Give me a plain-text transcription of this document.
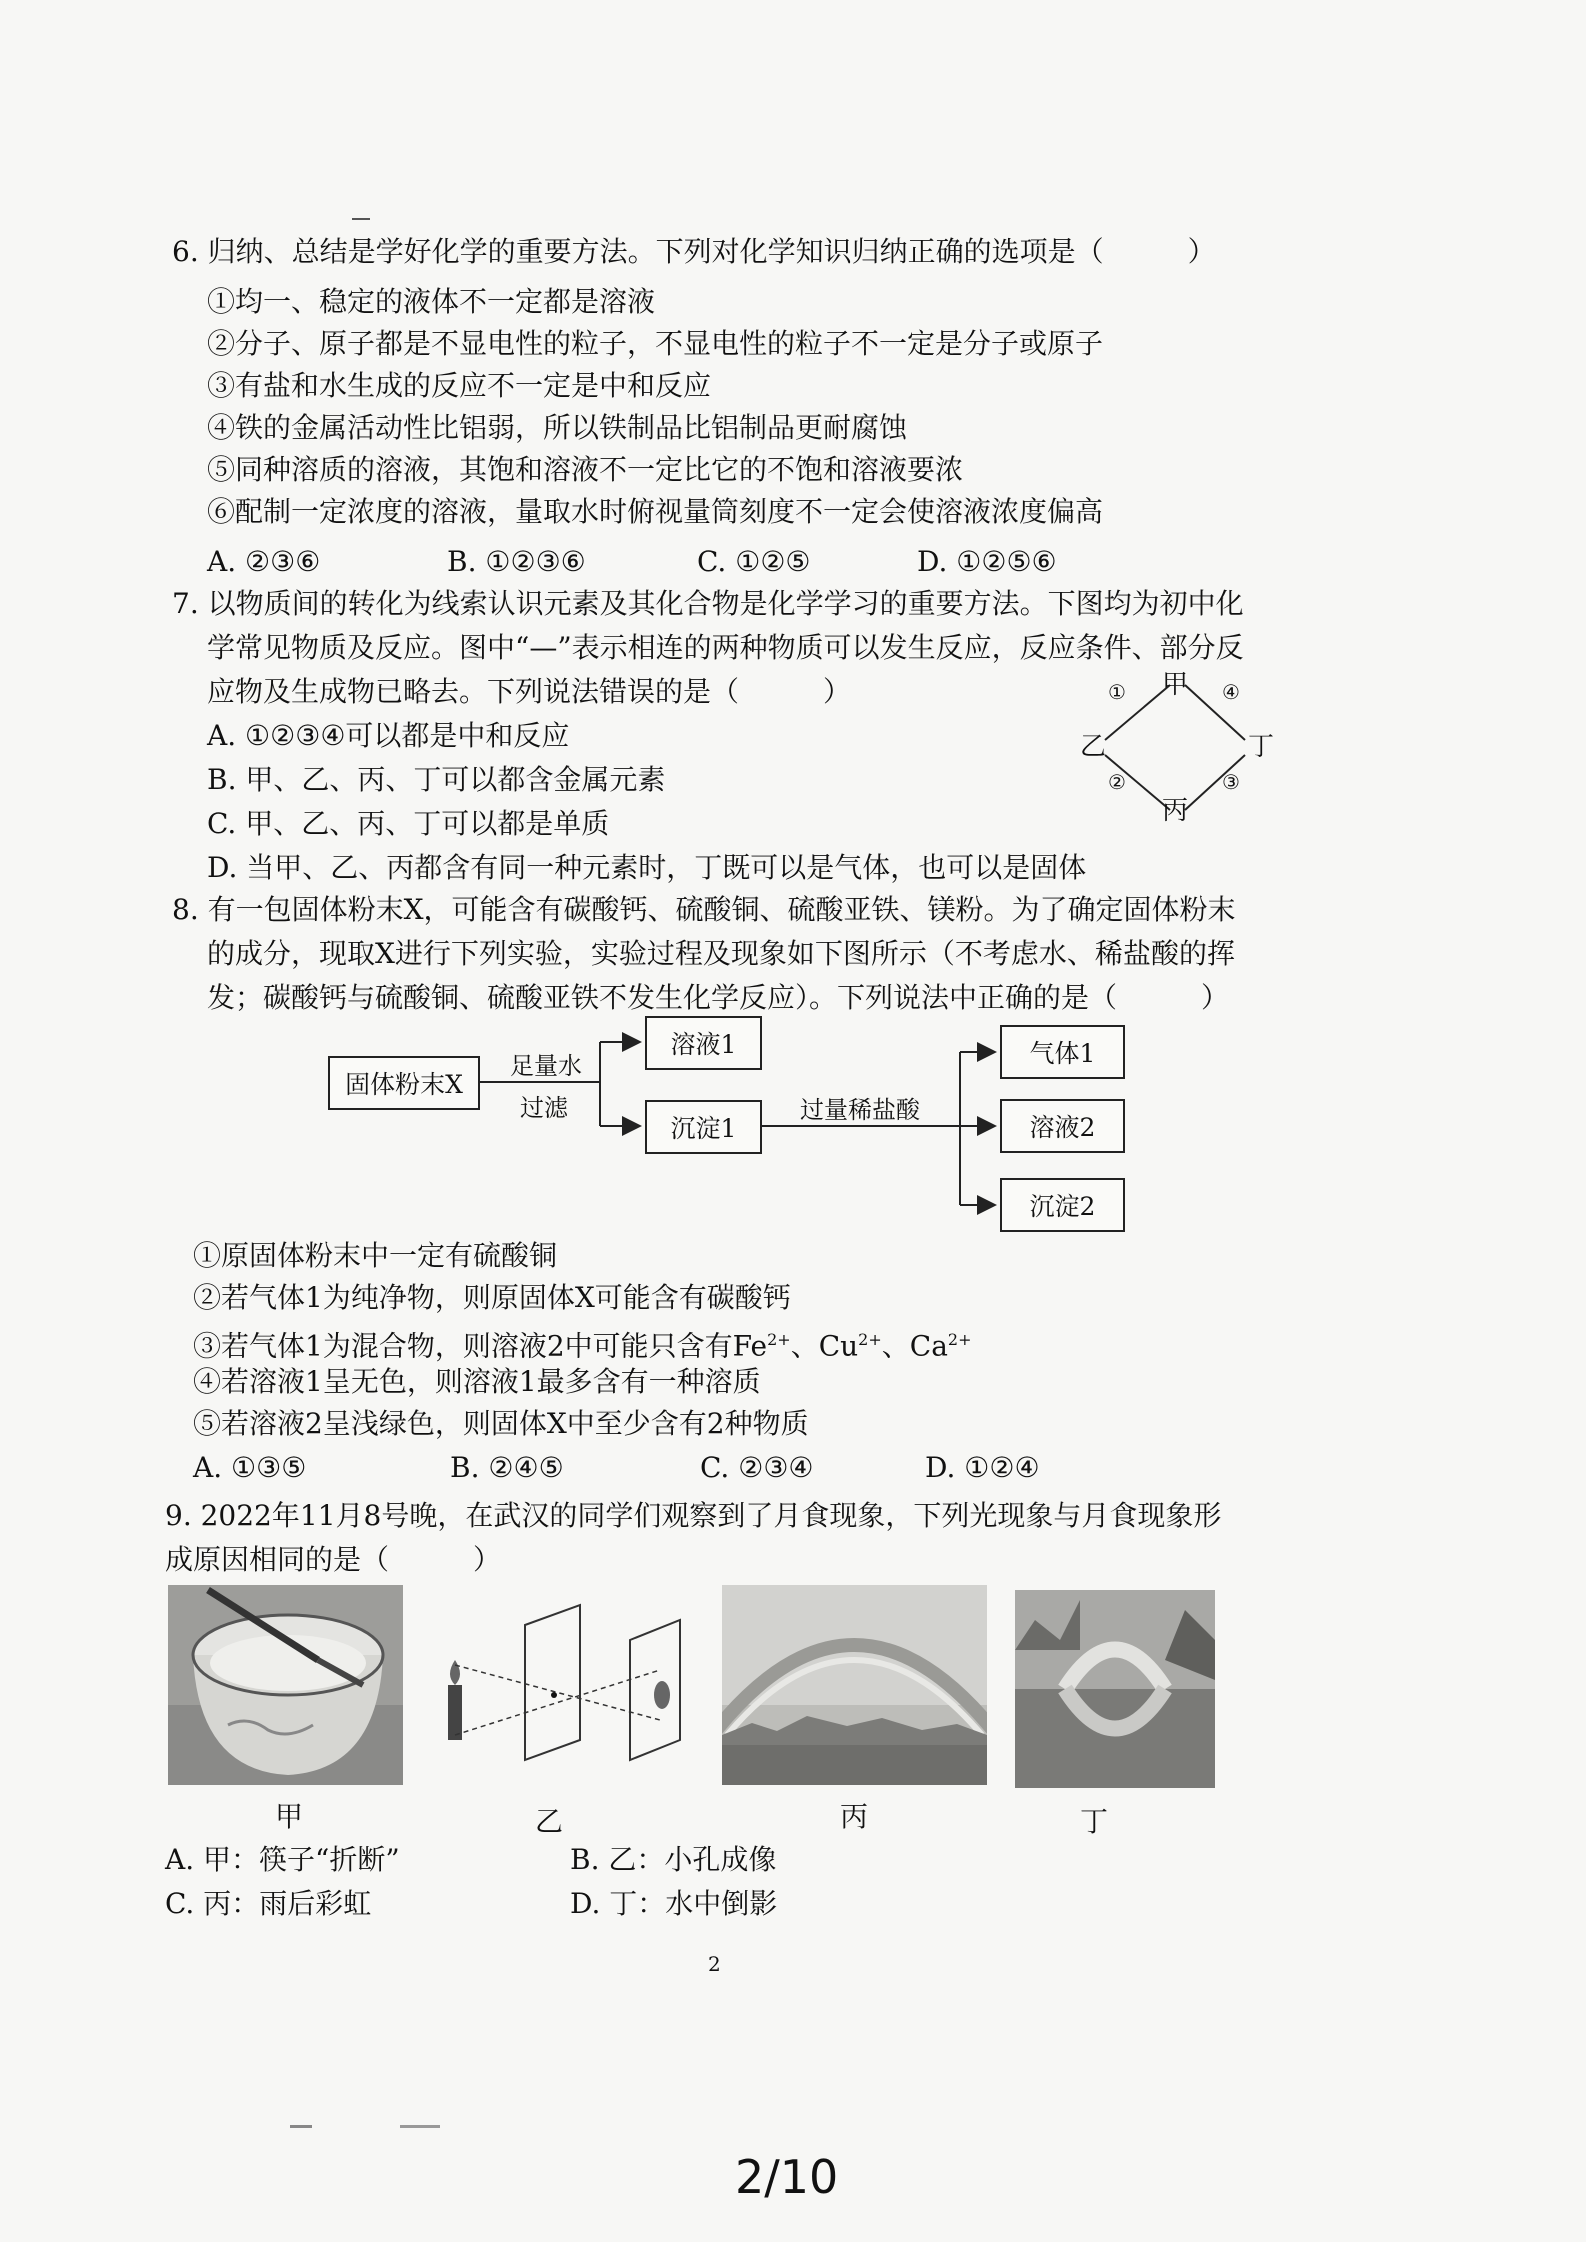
6. 归纳、总结是学好化学的重要方法。下列对化学知识归纳正确的选项是（　　　）
①均一、稳定的液体不一定都是溶液
②分子、原子都是不显电性的粒子，不显电性的粒子不一定是分子或原子
③有盐和水生成的反应不一定是中和反应
④铁的金属活动性比铝弱，所以铁制品比铝制品更耐腐蚀
⑤同种溶质的溶液，其饱和溶液不一定比它的不饱和溶液要浓
⑥配制一定浓度的溶液，量取水时俯视量筒刻度不一定会使溶液浓度偏高
A. ②③⑥	B. ①②③⑥	C. ①②⑤	D. ①②⑤⑥
7. 以物质间的转化为线索认识元素及其化合物是化学学习的重要方法。下图均为初中化
学常见物质及反应。图中“—”表示相连的两种物质可以发生反应，反应条件、部分反
应物及生成物已略去。下列说法错误的是（　　　）
A. ①②③④可以都是中和反应
B. 甲、乙、丙、丁可以都含金属元素
C. 甲、乙、丙、丁可以都是单质
D. 当甲、乙、丙都含有同一种元素时，丁既可以是气体，也可以是固体
甲
乙	丁
丙
①
②	③
④
8. 有一包固体粉末X，可能含有碳酸钙、硫酸铜、硫酸亚铁、镁粉。为了确定固体粉末
的成分，现取X进行下列实验，实验过程及现象如下图所示（不考虑水、稀盐酸的挥
发；碳酸钙与硫酸铜、硫酸亚铁不发生化学反应）。下列说法中正确的是（　　　）
固体粉末X
足量水
过滤
溶液1
沉淀1
过量稀盐酸
气体1
溶液2
沉淀2
①原固体粉末中一定有硫酸铜
②若气体1为纯净物，则原固体X可能含有碳酸钙
③若气体1为混合物，则溶液2中可能只含有$Fe^{2+}$、$Cu^{2+}$、$Ca^{2+}$
④若溶液1呈无色，则溶液1最多含有一种溶质
⑤若溶液2呈浅绿色，则固体X中至少含有2种物质
A. ①③⑤	B. ②④⑤	C. ②③④	D. ①②④
9. 2022年11月8号晚，在武汉的同学们观察到了月食现象，下列光现象与月食现象形
成原因相同的是（　　　）
甲	乙	丙	丁
A. 甲：筷子“折断”	B. 乙：小孔成像
C. 丙：雨后彩虹	D. 丁：水中倒影
2
2/10
